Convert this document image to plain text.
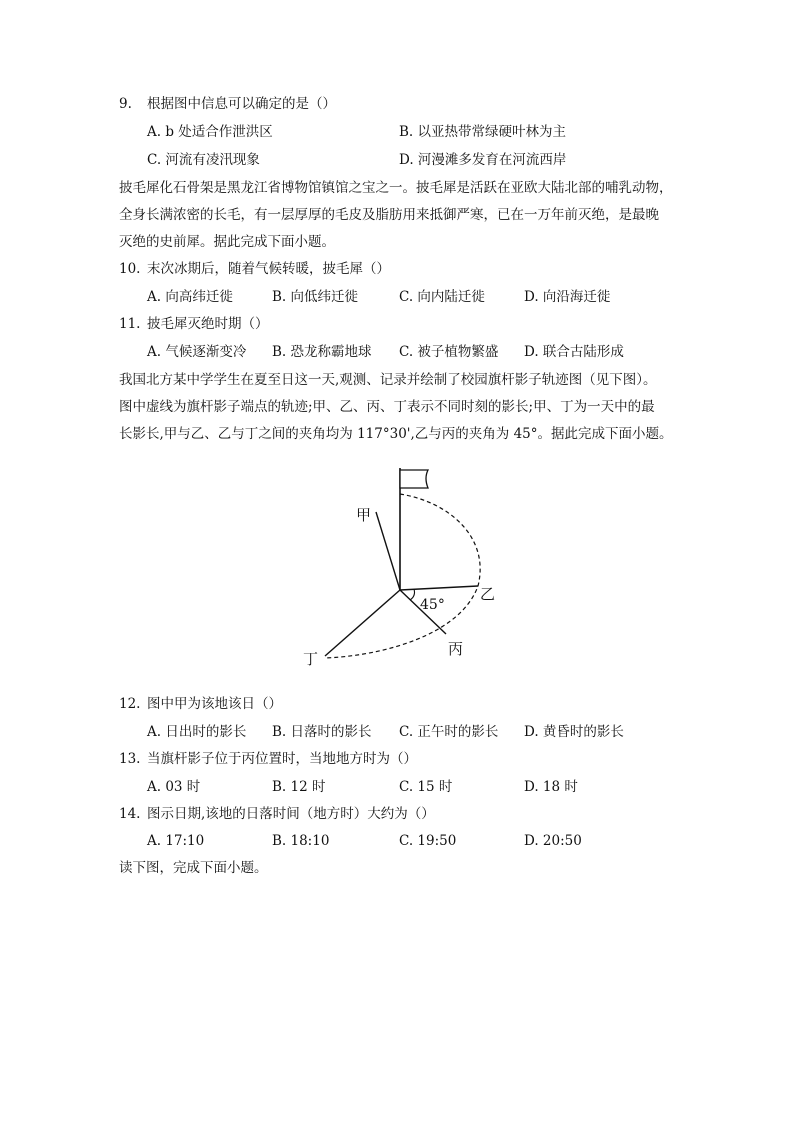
9. 根据图中信息可以确定的是（）
A. b 处适合作泄洪区	B. 以亚热带常绿硬叶林为主
C. 河流有凌汛现象	D. 河漫滩多发育在河流西岸
披毛犀化石骨架是黑龙江省博物馆镇馆之宝之一。披毛犀是活跃在亚欧大陆北部的哺乳动物，
全身长满浓密的长毛，有一层厚厚的毛皮及脂肪用来抵御严寒，已在一万年前灭绝，是最晚
灭绝的史前犀。据此完成下面小题。
10. 末次冰期后，随着气候转暖，披毛犀（）
A. 向高纬迁徙	B. 向低纬迁徙	C. 向内陆迁徙	D. 向沿海迁徙
11. 披毛犀灭绝时期（）
A. 气候逐渐变冷 B. 恐龙称霸地球 C. 被子植物繁盛 D. 联合古陆形成
我国北方某中学学生在夏至日这一天,观测、记录并绘制了校园旗杆影子轨迹图（见下图）。
图中虚线为旗杆影子端点的轨迹;甲、乙、丙、丁表示不同时刻的影长;甲、丁为一天中的最
长影长,甲与乙、乙与丁之间的夹角均为 117°30',乙与丙的夹角为 45°。据此完成下面小题。
45°
甲
乙
丙
丁
12. 图中甲为该地该日（）
A. 日出时的影长 B. 日落时的影长 C. 正午时的影长 D. 黄昏时的影长
13. 当旗杆影子位于丙位置时，当地地方时为（）
A. 03 时	B. 12 时	C. 15 时	D. 18 时
14. 图示日期,该地的日落时间（地方时）大约为（）
A. 17:10	B. 18:10	C. 19:50	D. 20:50
读下图，完成下面小题。
